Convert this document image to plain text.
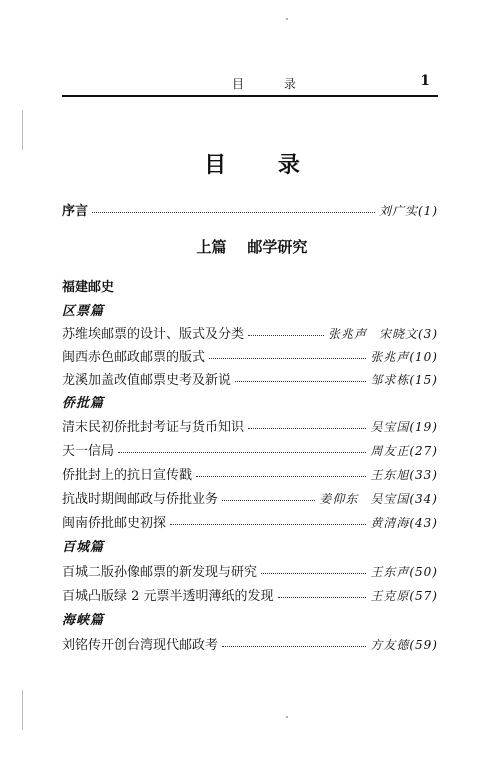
目 录	1
目 录
序言	刘广实(1)
上篇    邮学研究
福建邮史
区票篇
苏维埃邮票的设计、版式及分类	张兆声 宋晓文(3)
闽西赤色邮政邮票的版式	张兆声(10)
龙溪加盖改值邮票史考及新说	邹求栋(15)
侨批篇
清末民初侨批封考证与货币知识	吴宝国(19)
天一信局	周友正(27)
侨批封上的抗日宣传戳	王东旭(33)
抗战时期闽邮政与侨批业务	姜仰东 吴宝国(34)
闽南侨批邮史初探	黄清海(43)
百城篇
百城二版孙像邮票的新发现与研究	王东声(50)
百城凸版绿 2 元票半透明薄纸的发现	王克原(57)
海峡篇
刘铭传开创台湾现代邮政考	方友德(59)
